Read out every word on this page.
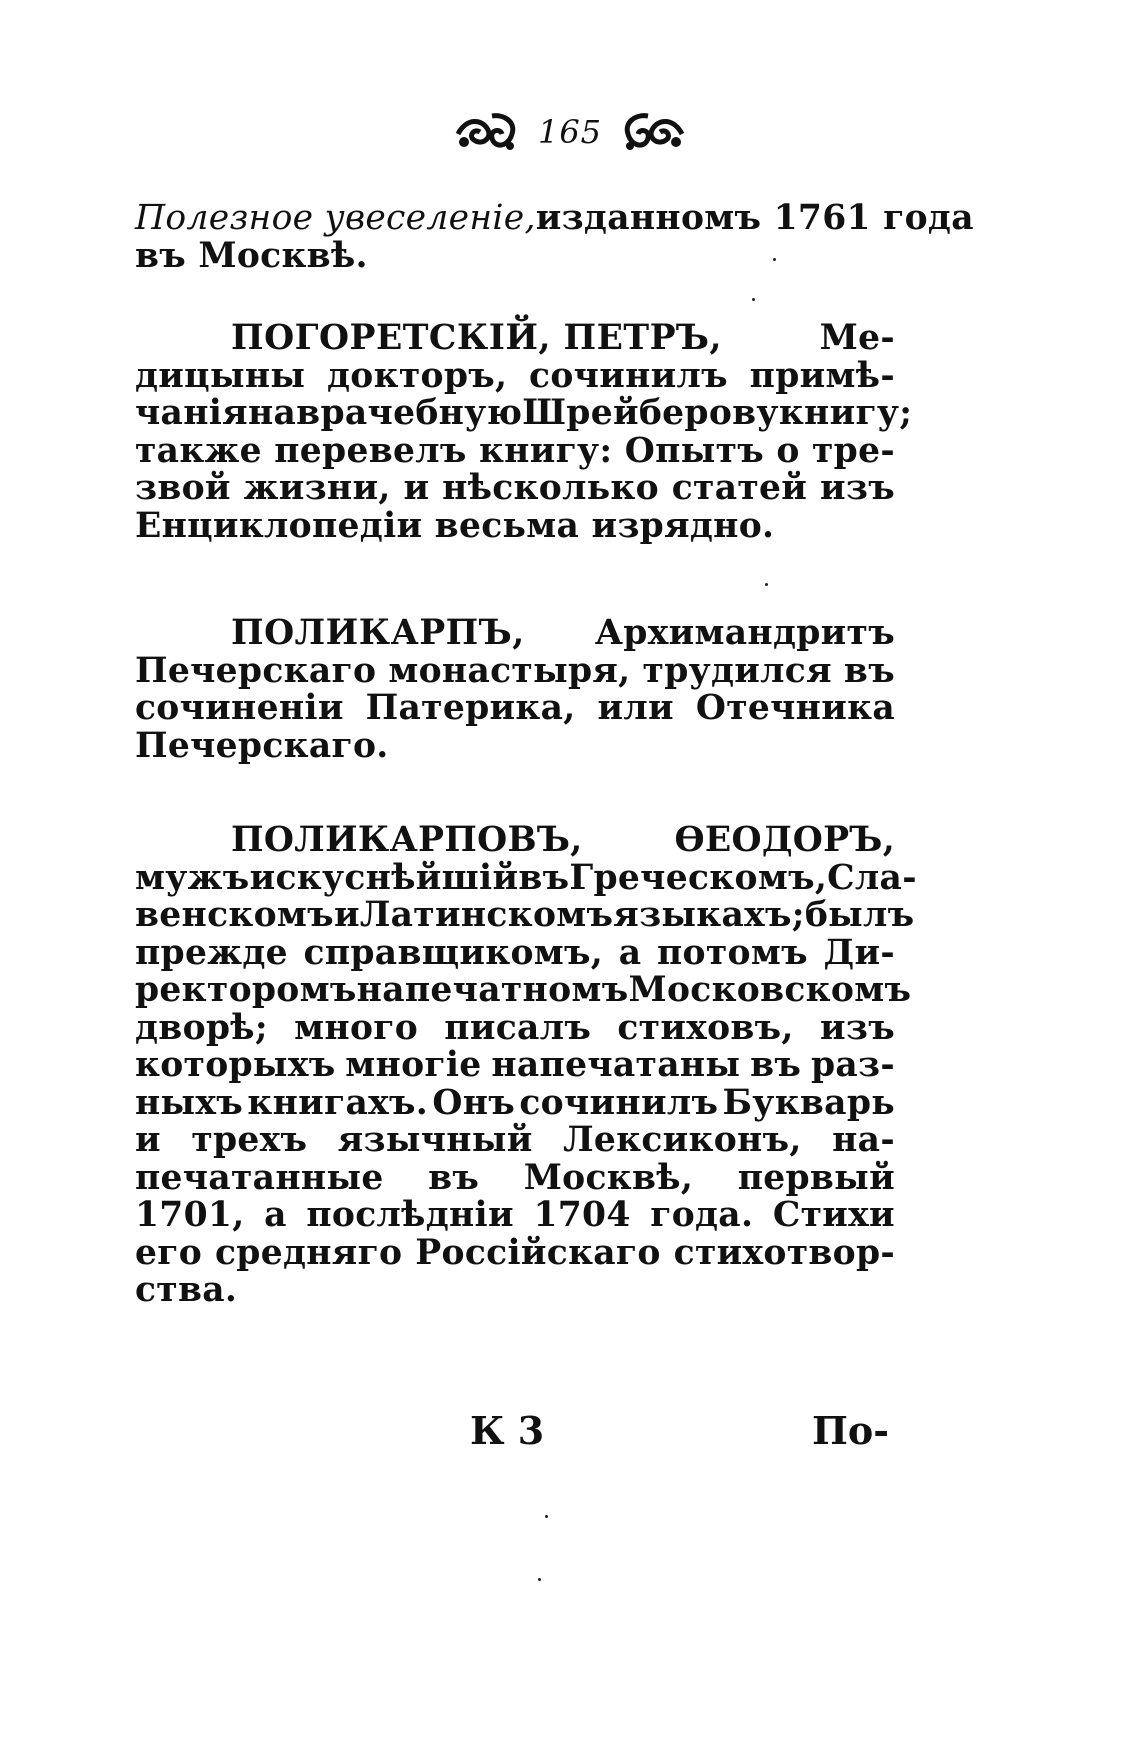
165
Полезное увеселеніе, изданномъ 1761 года
въ Москвѣ.
ПОГОРЕТСКІЙ, ПЕТРЪ,	Ме-
дицыны докторъ, сочинилъ примѣ-
чанія на врачебную Шрейберову книгу;
также перевелъ книгу: Опытъ о тре-
звой жизни, и нѣсколько статей изъ
Енциклопедіи весьма изрядно.
ПОЛИКАРПЪ, Архимандритъ
Печерскаго монастыря, трудился въ
сочиненіи Патерика, или Отечника
Печерскаго.
ПОЛИКАРПОВЪ,	ѲЕОДОРЪ,
мужъ искуснѣйшій въ Греческомъ, Сла-
венскомъ и Латинскомъ языкахъ; былъ
прежде справщикомъ, а потомъ Ди-
ректоромъ на печатномъ Московскомъ
дворѣ; много писалъ стиховъ, изъ
которыхъ многіе напечатаны въ раз-
ныхъ книгахъ. Онъ сочинилъ Букварь
и трехъ язычный Лексиконъ, на-
печатанные въ Москвѣ, первый
1701, а послѣдніи 1704 года. Стихи
его средняго Россійскаго стихотвор-
ства.
К 3	По-
